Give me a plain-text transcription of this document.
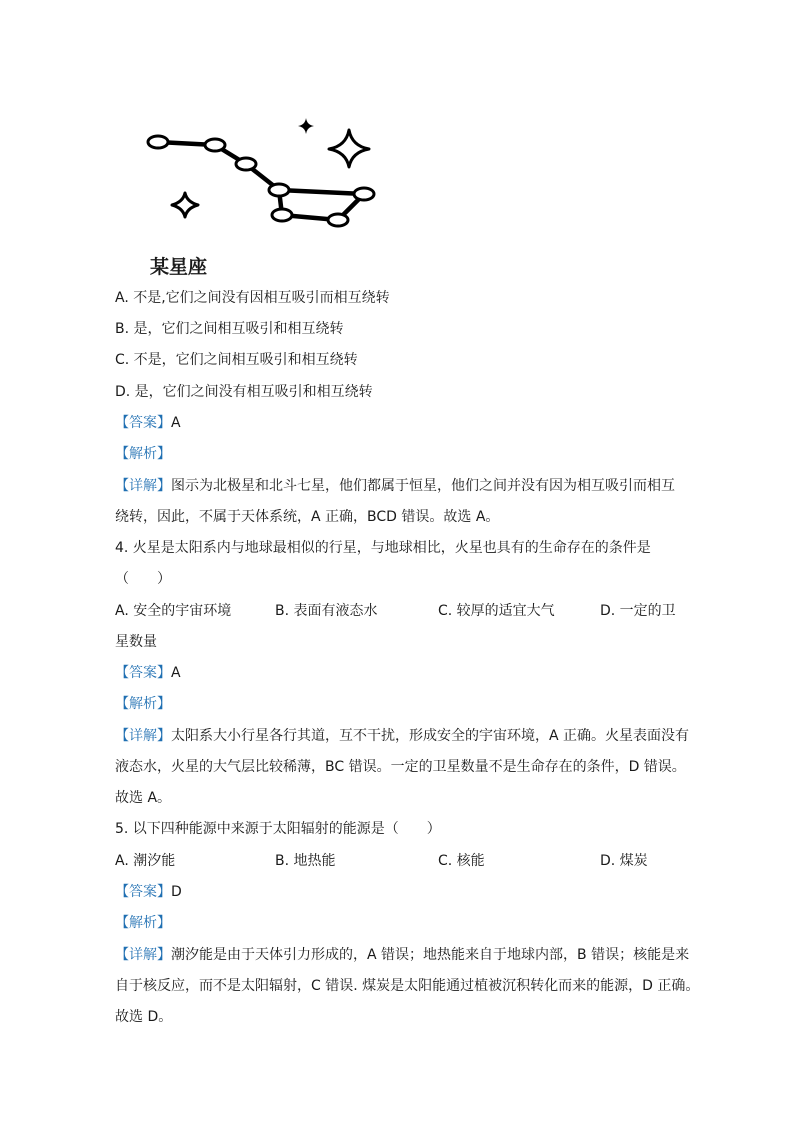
某星座
A. 不是,它们之间没有因相互吸引而相互绕转
B. 是，它们之间相互吸引和相互绕转
C. 不是，它们之间相互吸引和相互绕转
D. 是，它们之间没有相互吸引和相互绕转
【答案】A
【解析】
【详解】图示为北极星和北斗七星，他们都属于恒星，他们之间并没有因为相互吸引而相互
绕转，因此，不属于天体系统，A 正确，BCD 错误。故选 A。
4. 火星是太阳系内与地球最相似的行星，与地球相比，火星也具有的生命存在的条件是
（　　）
A. 安全的宇宙环境	B. 表面有液态水	C. 较厚的适宜大气	D. 一定的卫
星数量
【答案】A
【解析】
【详解】太阳系大小行星各行其道，互不干扰，形成安全的宇宙环境，A 正确。火星表面没有
液态水，火星的大气层比较稀薄，BC 错误。一定的卫星数量不是生命存在的条件，D 错误。
故选 A。
5. 以下四种能源中来源于太阳辐射的能源是（　　）
A. 潮汐能	B. 地热能	C. 核能	D. 煤炭
【答案】D
【解析】
【详解】潮汐能是由于天体引力形成的，A 错误；地热能来自于地球内部，B 错误；核能是来
自于核反应，而不是太阳辐射，C 错误. 煤炭是太阳能通过植被沉积转化而来的能源，D 正确。
故选 D。
